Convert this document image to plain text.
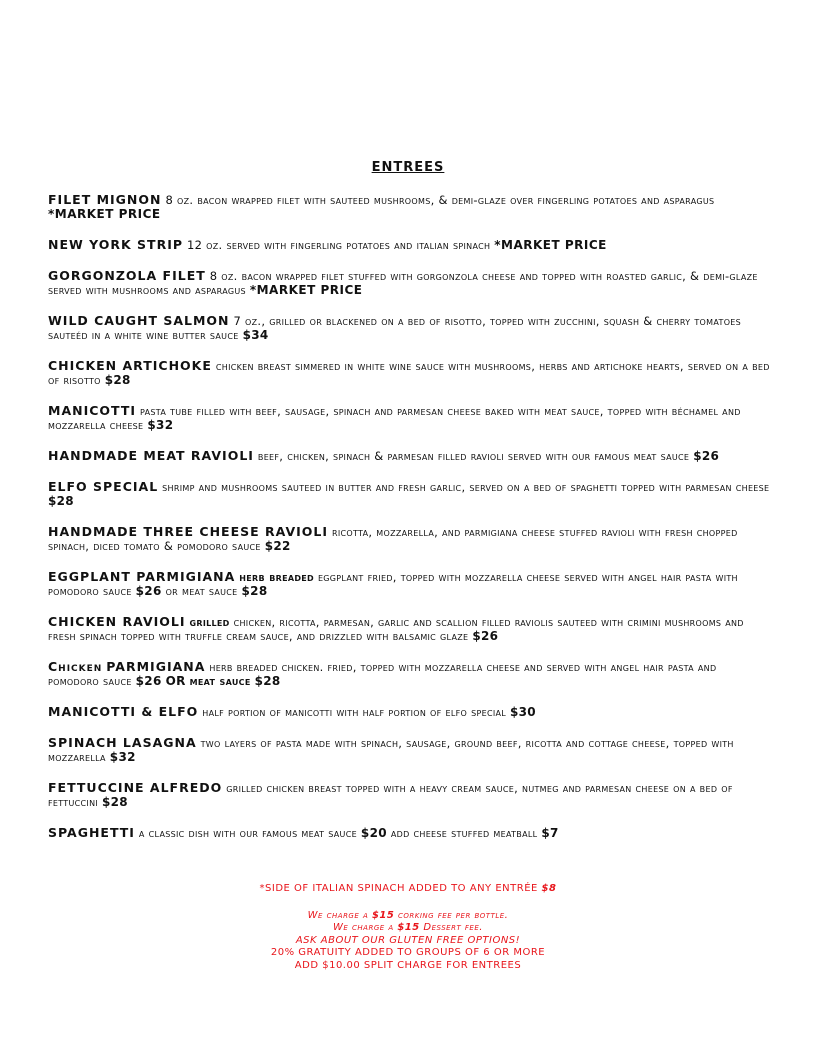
ENTREES
FILET MIGNON 8 oz. bacon wrapped filet with sauteed mushrooms, & demi-glaze over fingerling potatoes and asparagus *MARKET PRICE
NEW YORK STRIP 12 oz. served with fingerling potatoes and italian spinach *MARKET PRICE
GORGONZOLA FILET 8 oz. bacon wrapped filet stuffed with gorgonzola cheese and topped with roasted garlic, & demi-glaze served with mushrooms and asparagus *MARKET PRICE
WILD CAUGHT SALMON 7 oz., grilled or blackened on a bed of risotto, topped with zucchini, squash & cherry tomatoes sauteéd in a white wine butter sauce $34
CHICKEN ARTICHOKE chicken breast simmered in white wine sauce with mushrooms, herbs and artichoke hearts, served on a bed of risotto $28
MANICOTTI pasta tube filled with beef, sausage, spinach and parmesan cheese baked with meat sauce, topped with béchamel and mozzarella cheese $32
HANDMADE MEAT RAVIOLI beef, chicken, spinach & parmesan filled ravioli served with our famous meat sauce $26
ELFO SPECIAL shrimp and mushrooms sauteed in butter and fresh garlic, served on a bed of spaghetti topped with parmesan cheese $28
HANDMADE THREE CHEESE RAVIOLI ricotta, mozzarella, and parmigiana cheese stuffed ravioli with fresh chopped spinach, diced tomato & pomodoro sauce $22
EGGPLANT PARMIGIANA herb breaded eggplant fried, topped with mozzarella cheese served with angel hair pasta with pomodoro sauce $26 or meat sauce $28
CHICKEN RAVIOLI grilled chicken, ricotta, parmesan, garlic and scallion filled raviolis sauteed with crimini mushrooms and fresh spinach topped with truffle cream sauce, and drizzled with balsamic glaze $26
Chicken PARMIGIANA herb breaded chicken. fried, topped with mozzarella cheese and served with angel hair pasta and pomodoro sauce $26 OR meat sauce $28
MANICOTTI & ELFO half portion of manicotti with half portion of elfo special $30
SPINACH LASAGNA two layers of pasta made with spinach, sausage, ground beef, ricotta and cottage cheese, topped with mozzarella $32
FETTUCCINE ALFREDO grilled chicken breast topped with a heavy cream sauce, nutmeg and parmesan cheese on a bed of fettuccini $28
SPAGHETTI a classic dish with our famous meat sauce $20 add cheese stuffed meatball $7
*SIDE OF ITALIAN SPINACH ADDED TO ANY ENTRÉE $8
We charge a $15 corking fee per bottle.
We charge a $15 Dessert fee.
ASK ABOUT OUR GLUTEN FREE OPTIONS!
20% GRATUITY ADDED TO GROUPS OF 6 OR MORE
ADD $10.00 SPLIT CHARGE FOR ENTREES
